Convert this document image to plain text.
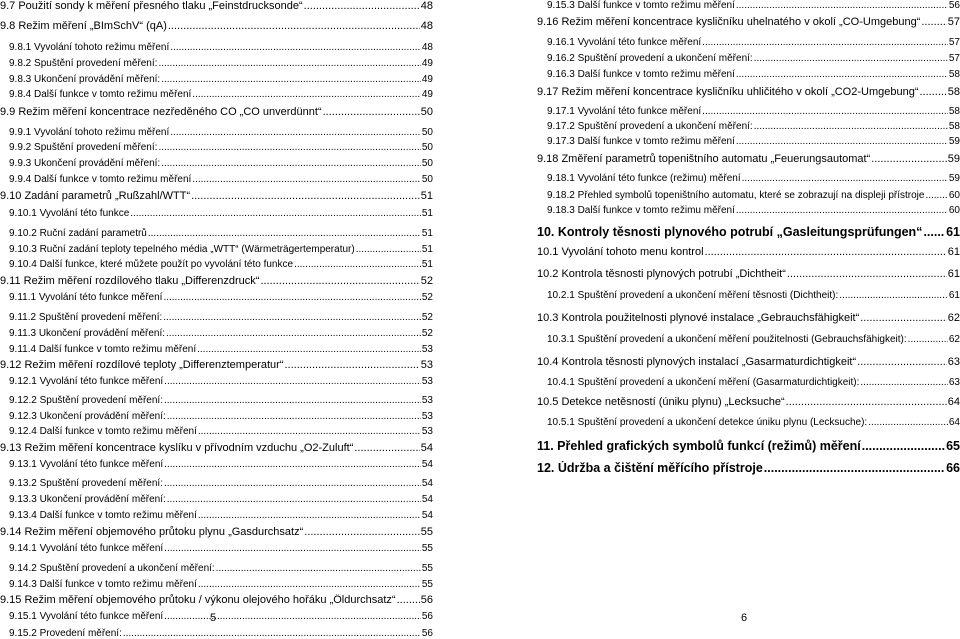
9.7 Použití sondy k měření přesného tlaku „Feinstdrucksonde“ .....	48
9.8 Režim měření „BImSchV“ (qA) .....	48
9.8.1 Vyvolání tohoto režimu měření .....	48
9.8.2 Spuštění provedení měření: .....	49
9.8.3 Ukončení provádění měření: .....	49
9.8.4 Další funkce v tomto režimu měření .....	49
9.9 Režim měření koncentrace nezředěného CO „CO unverdünnt“ .....	50
9.9.1 Vyvolání tohoto režimu měření .....	50
9.9.2 Spuštění provedení měření: .....	50
9.9.3 Ukončení provádění měření: .....	50
9.9.4 Další funkce v tomto režimu měření .....	50
9.10 Zadání parametrů „Rußzahl/WTT“ .....	51
9.10.1 Vyvolání této funkce .....	51
9.10.2 Ruční zadání parametrů .....	51
9.10.3 Ruční zadání teploty tepelného média „WTT“ (Wärmeträgertemperatur) .....	51
9.10.4 Další funkce, které můžete použít po vyvolání této funkce .....	51
9.11 Režim měření rozdílového tlaku „Differenzdruck“ .....	52
9.11.1 Vyvolání této funkce měření .....	52
9.11.2 Spuštění provedení měření: .....	52
9.11.3 Ukončení provádění měření: .....	52
9.11.4 Další funkce v tomto režimu měření .....	53
9.12 Režim měření rozdílové teploty „Differenztemperatur“ .....	53
9.12.1 Vyvolání této funkce měření .....	53
9.12.2 Spuštění provedení měření: .....	53
9.12.3 Ukončení provádění měření: .....	53
9.12.4 Další funkce v tomto režimu měření .....	53
9.13 Režim měření koncentrace kyslíku v přívodním vzduchu „O2-Zuluft“ .....	54
9.13.1 Vyvolání této funkce měření .....	54
9.13.2 Spuštění provedení měření: .....	54
9.13.3 Ukončení provádění měření: .....	54
9.13.4 Další funkce v tomto režimu měření .....	54
9.14 Režim měření objemového průtoku plynu „Gasdurchsatz“ .....	55
9.14.1 Vyvolání této funkce měření .....	55
9.14.2 Spuštění provedení a ukončení měření: .....	55
9.14.3 Další funkce v tomto režimu měření .....	55
9.15 Režim měření objemového průtoku / výkonu olejového hořáku „Öldurchsatz“ ..... 56
9.15.1 Vyvolání této funkce měření .....	56
9.15.2 Provedení měření: .....	56
9.15.3 Další funkce v tomto režimu měření .....	56
9.16 Režim měření koncentrace kysličníku uhelnatého v okolí „CO-Umgebung“ ..... 57
9.16.1 Vyvolání této funkce měření .....	57
9.16.2 Spuštění provedení a ukončení měření: .....	57
9.16.3 Další funkce v tomto režimu měření .....	58
9.17 Režim měření koncentrace kysličníku uhličitého v okolí „CO2-Umgebung“ .....	58
9.17.1 Vyvolání této funkce měření .....	58
9.17.2 Spuštění provedení a ukončení měření: .....	58
9.17.3 Další funkce v tomto režimu měření .....	59
9.18 Změření parametrů topeništního automatu „Feuerungsautomat“ .....	59
9.18.1 Vyvolání této funkce (režimu) měření .....	59
9.18.2 Přehled symbolů topeništního automatu, které se zobrazují na displeji přístroje ..... 60
9.18.3 Další funkce v tomto režimu měření .....	60
10. Kontroly těsnosti plynového potrubí „Gasleitungsprüfungen“ ..... 61
10.1 Vyvolání tohoto menu kontrol .....	61
10.2 Kontrola těsnosti plynových potrubí „Dichtheit“ .....	61
10.2.1 Spuštění provedení a ukončení měření těsnosti (Dichtheit): .....	61
10.3 Kontrola použitelnosti plynové instalace „Gebrauchsfähigkeit“ .....	62
10.3.1 Spuštění provedení a ukončení měření použitelnosti (Gebrauchsfähigkeit): .....	62
10.4 Kontrola těsnosti plynových instalací „Gasarmaturdichtigkeit“ .....	63
10.4.1 Spuštění provedení a ukončení měření (Gasarmaturdichtigkeit): .....	63
10.5 Detekce netěsností (úniku plynu) „Lecksuche“ .....	64
10.5.1 Spuštění provedení a ukončení detekce úniku plynu (Lecksuche): .....	64
11. Přehled grafických symbolů funkcí (režimů) měření .....	65
12. Údržba a čištění měřícího přístroje .....	66
5	6
